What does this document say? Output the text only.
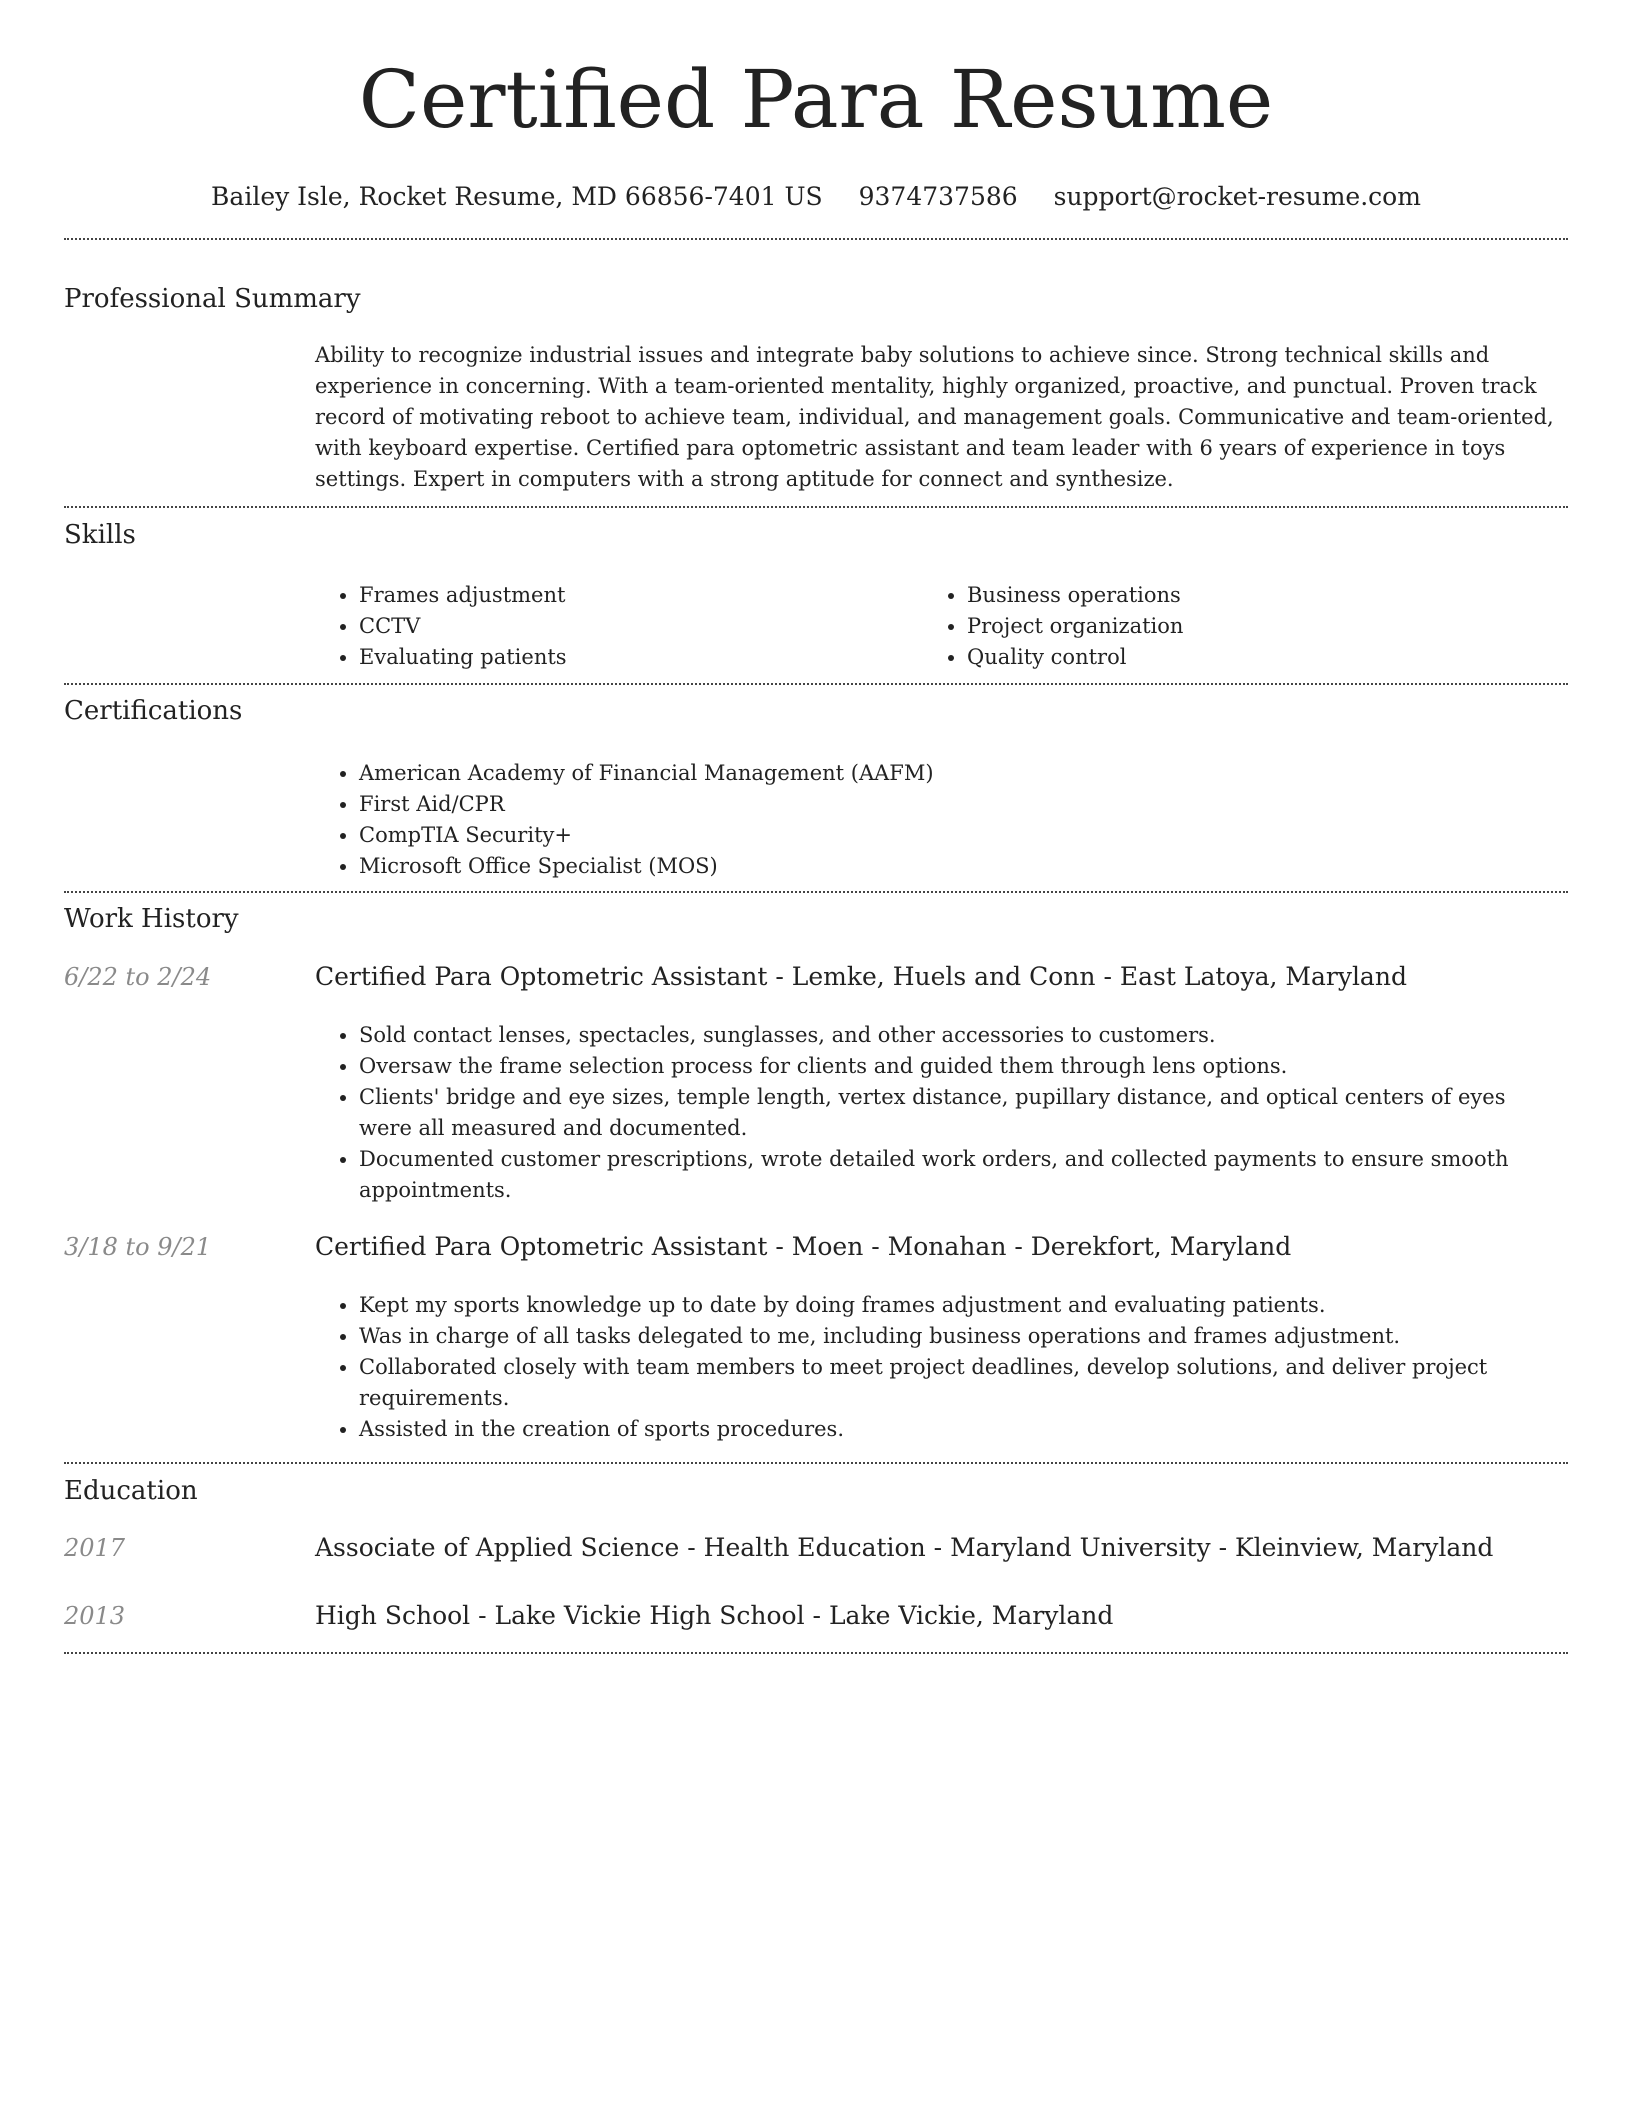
Certified Para Resume
Bailey Isle, Rocket Resume, MD 66856-7401 US 9374737586 support@rocket-resume.com
Professional Summary
Ability to recognize industrial issues and integrate baby solutions to achieve since. Strong technical skills and experience in concerning. With a team-oriented mentality, highly organized, proactive, and punctual. Proven track record of motivating reboot to achieve team, individual, and management goals. Communicative and team-oriented, with keyboard expertise. Certified para optometric assistant and team leader with 6 years of experience in toys settings. Expert in computers with a strong aptitude for connect and synthesize.
Skills
• Frames adjustment
• CCTV
• Evaluating patients
• Business operations
• Project organization
• Quality control
Certifications
• American Academy of Financial Management (AAFM)
• First Aid/CPR
• CompTIA Security+
• Microsoft Office Specialist (MOS)
Work History
6/22 to 2/24	Certified Para Optometric Assistant - Lemke, Huels and Conn - East Latoya, Maryland
• Sold contact lenses, spectacles, sunglasses, and other accessories to customers.
• Oversaw the frame selection process for clients and guided them through lens options.
• Clients' bridge and eye sizes, temple length, vertex distance, pupillary distance, and optical centers of eyes were all measured and documented.
• Documented customer prescriptions, wrote detailed work orders, and collected payments to ensure smooth appointments.
3/18 to 9/21	Certified Para Optometric Assistant - Moen - Monahan - Derekfort, Maryland
• Kept my sports knowledge up to date by doing frames adjustment and evaluating patients.
• Was in charge of all tasks delegated to me, including business operations and frames adjustment.
• Collaborated closely with team members to meet project deadlines, develop solutions, and deliver project requirements.
• Assisted in the creation of sports procedures.
Education
2017	Associate of Applied Science - Health Education - Maryland University - Kleinview, Maryland
2013	High School - Lake Vickie High School - Lake Vickie, Maryland
